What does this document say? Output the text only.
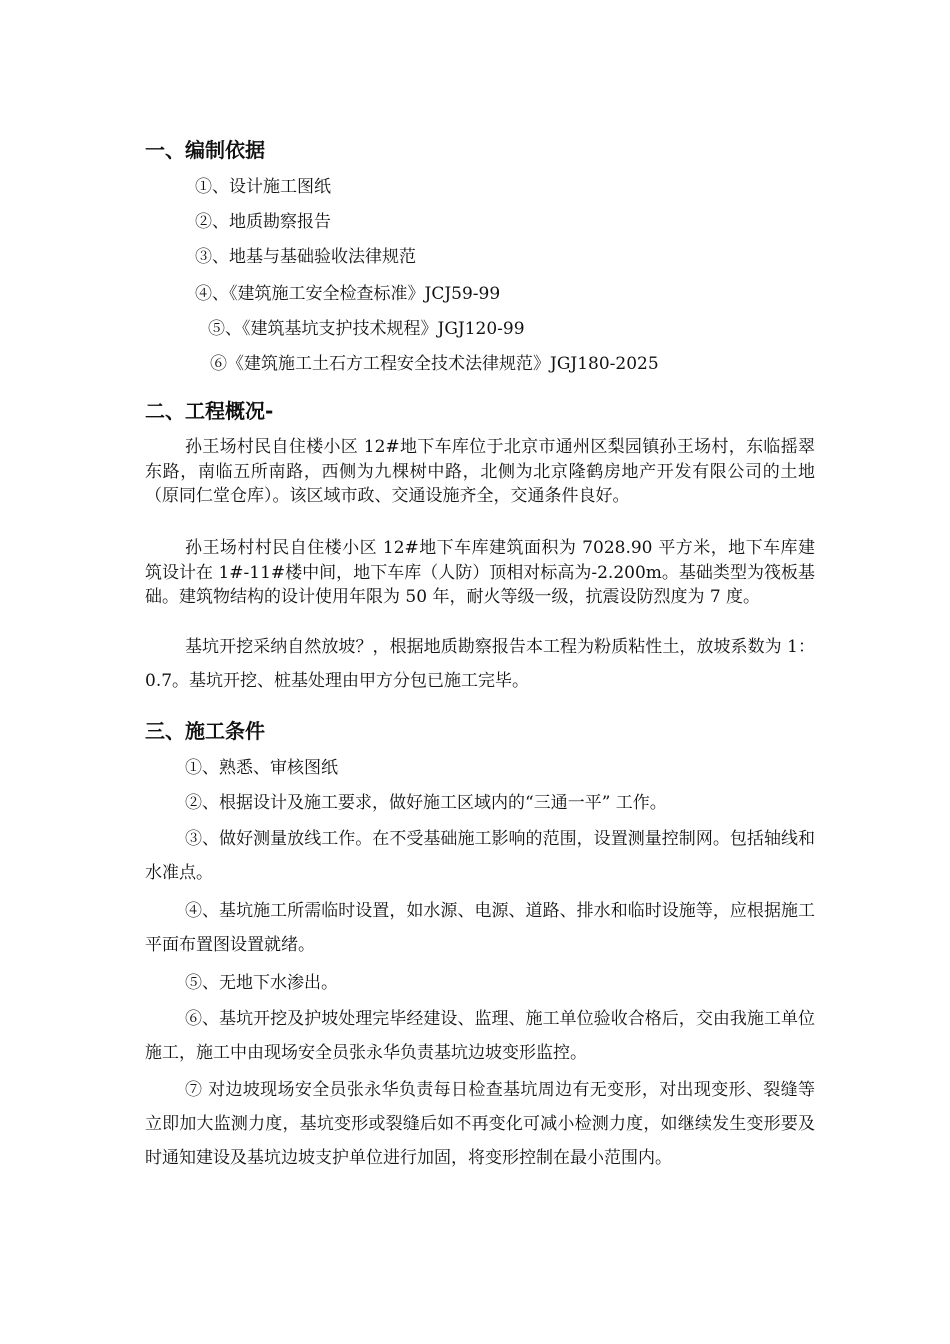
一、编制依据
①、设计施工图纸
②、地质勘察报告
③、地基与基础验收法律规范
④、《建筑施工安全检查标准》JCJ59-99
⑤、《建筑基坑支护技术规程》JGJ120-99
⑥《建筑施工土石方工程安全技术法律规范》JGJ180-2025
二、工程概况-
孙王场村民自住楼小区 12#地下车库位于北京市通州区梨园镇孙王场村，东临摇翠东路，南临五所南路，西侧为九棵树中路，北侧为北京隆鹤房地产开发有限公司的土地（原同仁堂仓库）。该区域市政、交通设施齐全，交通条件良好。
孙王场村村民自住楼小区 12#地下车库建筑面积为 7028.90 平方米，地下车库建筑设计在 1#-11#楼中间，地下车库（人防）顶相对标高为-2.200m。基础类型为筏板基础。建筑物结构的设计使用年限为 50 年，耐火等级一级，抗震设防烈度为 7 度。
基坑开挖采纳自然放坡？，根据地质勘察报告本工程为粉质粘性土，放坡系数为 1：0.7。基坑开挖、桩基处理由甲方分包已施工完毕。
三、施工条件
①、熟悉、审核图纸
②、根据设计及施工要求，做好施工区域内的“三通一平” 工作。
③、做好测量放线工作。在不受基础施工影响的范围，设置测量控制网。包括轴线和水准点。
④、基坑施工所需临时设置，如水源、电源、道路、排水和临时设施等，应根据施工平面布置图设置就绪。
⑤、无地下水渗出。
⑥、基坑开挖及护坡处理完毕经建设、监理、施工单位验收合格后，交由我施工单位施工，施工中由现场安全员张永华负责基坑边坡变形监控。
⑦ 对边坡现场安全员张永华负责每日检查基坑周边有无变形，对出现变形、裂缝等立即加大监测力度，基坑变形或裂缝后如不再变化可减小检测力度，如继续发生变形要及时通知建设及基坑边坡支护单位进行加固，将变形控制在最小范围内。
